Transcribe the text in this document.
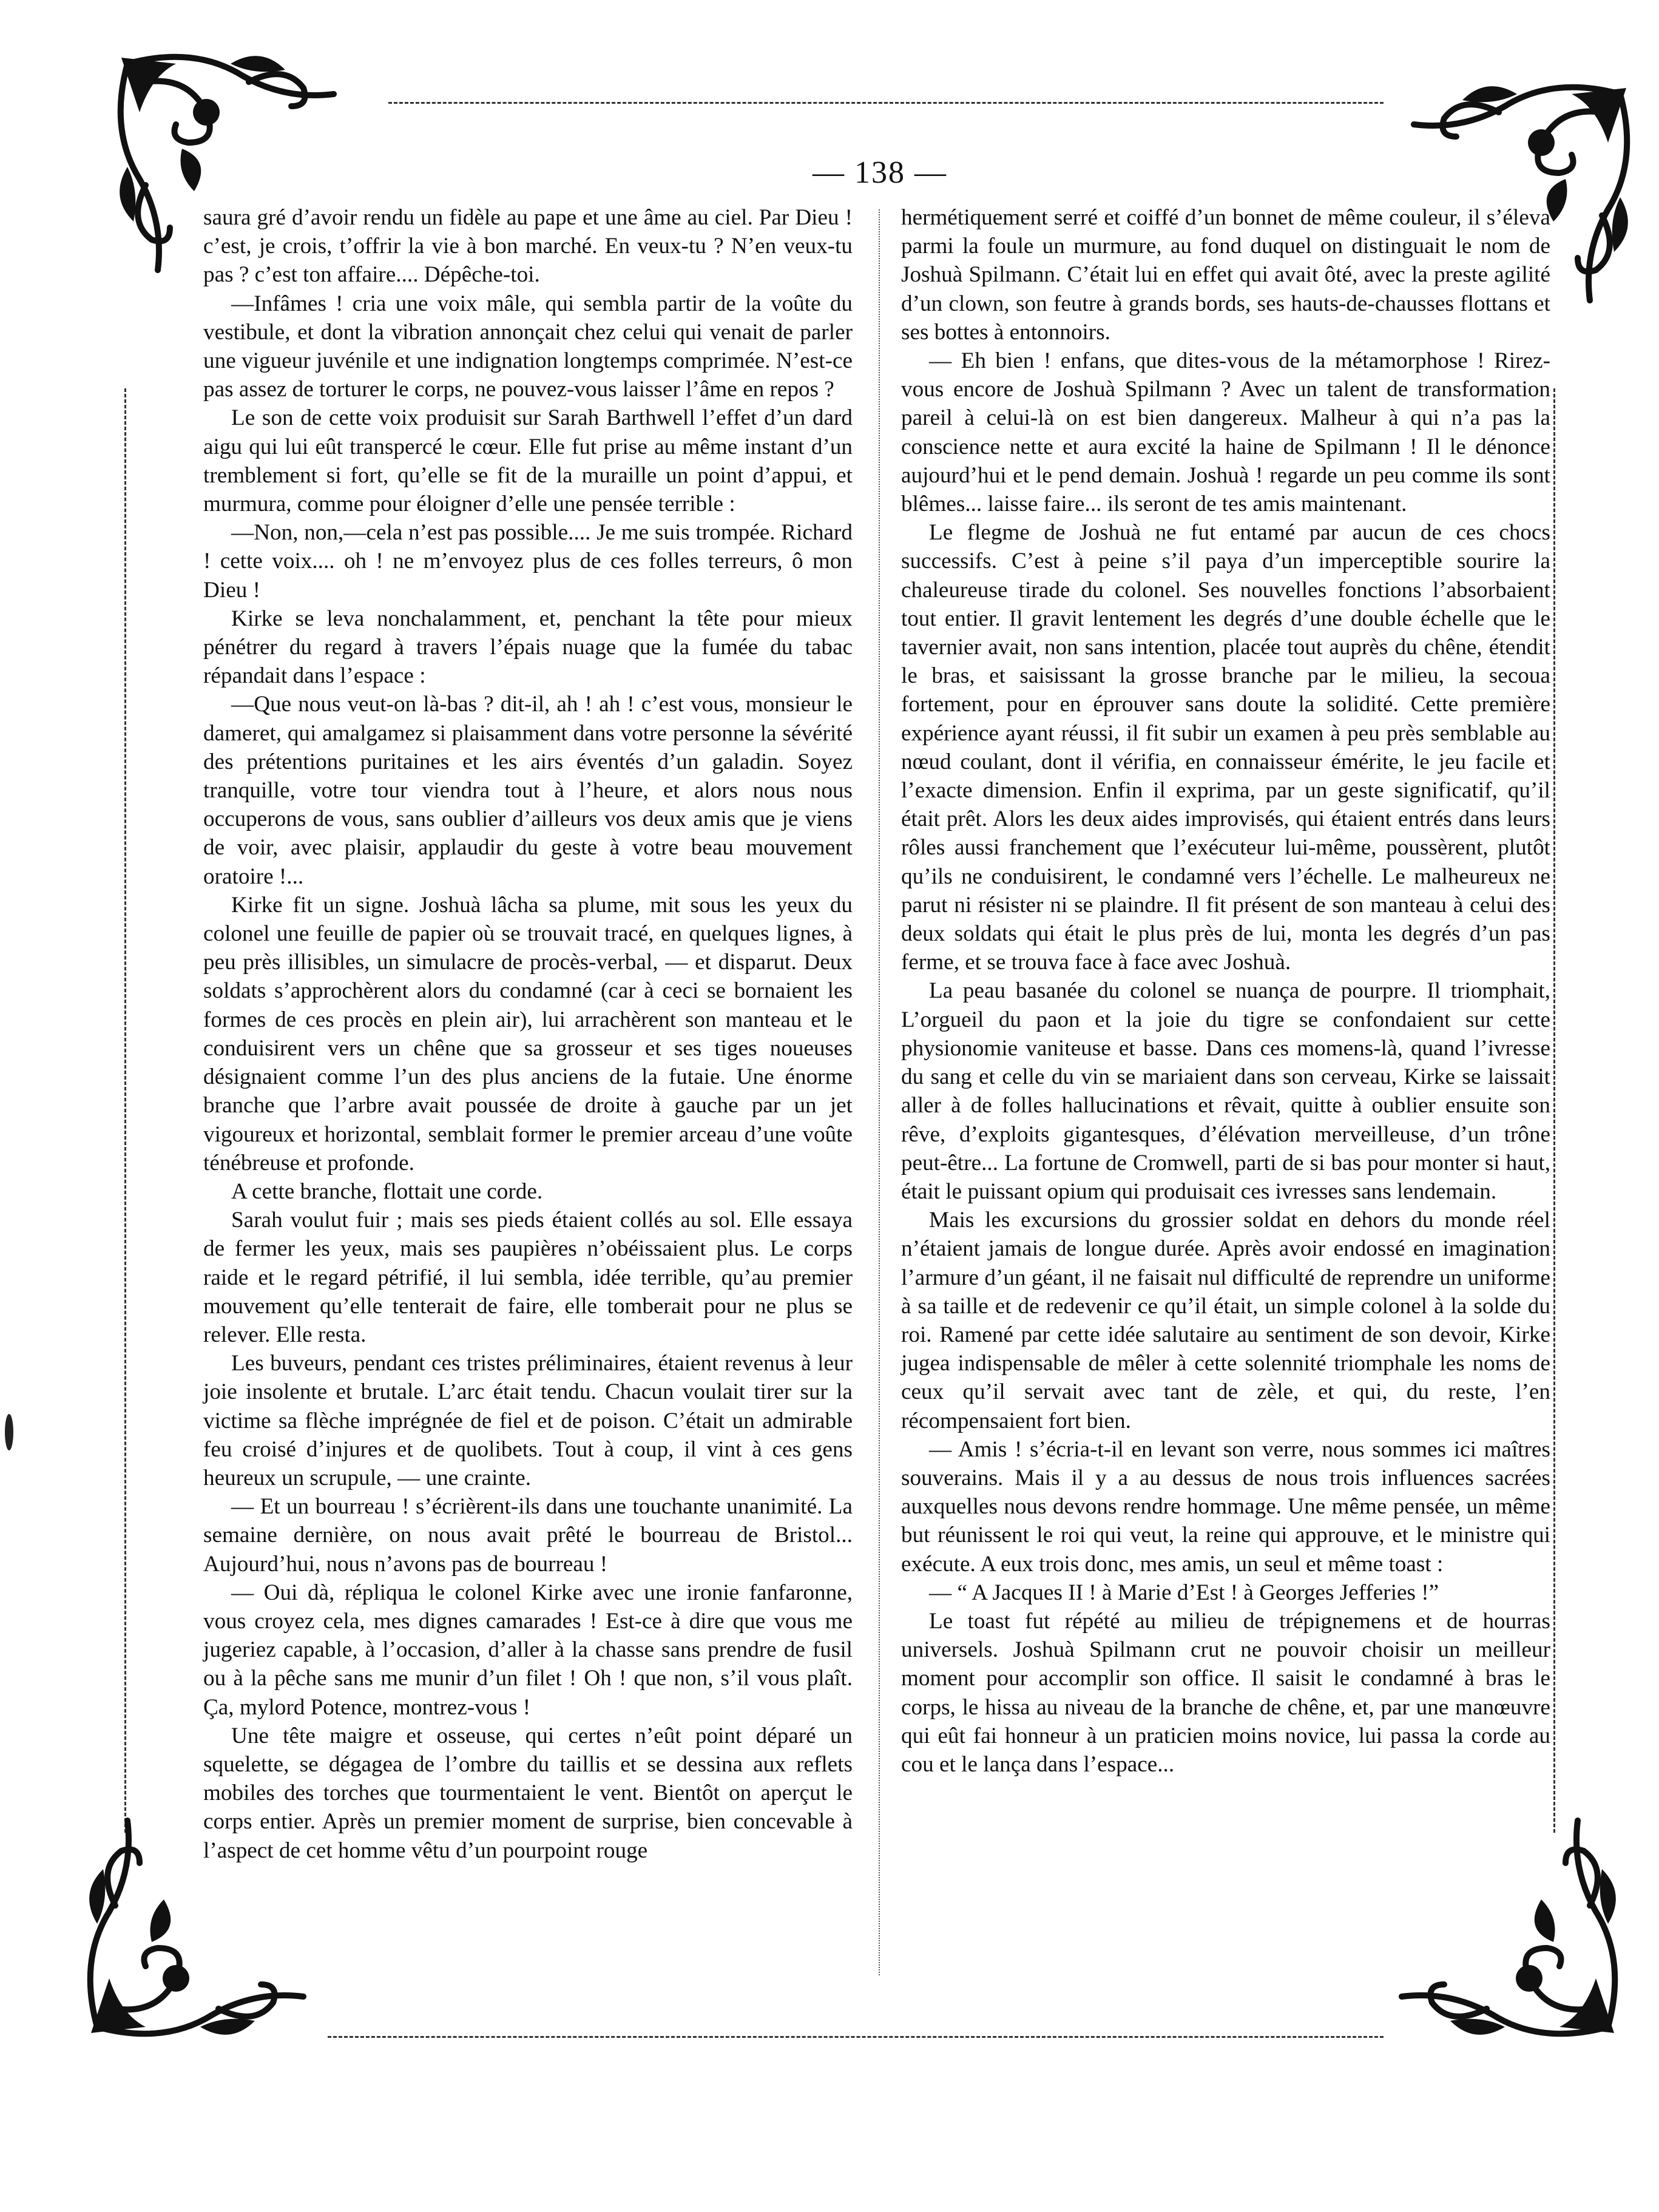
— 138 —

saura gré d’avoir rendu un fidèle au pape et une âme au ciel. Par Dieu ! c’est, je crois, t’offrir la vie à bon marché. En veux-tu ? N’en veux-tu pas ? c’est ton affaire.... Dépêche-toi.

—Infâmes ! cria une voix mâle, qui sembla partir de la voûte du vestibule, et dont la vibration annonçait chez celui qui venait de parler une vigueur juvénile et une indignation longtemps comprimée. N’est-ce pas assez de torturer le corps, ne pouvez-vous laisser l’âme en repos ?

Le son de cette voix produisit sur Sarah Barthwell l’effet d’un dard aigu qui lui eût transpercé le cœur. Elle fut prise au même instant d’un tremblement si fort, qu’elle se fit de la muraille un point d’appui, et murmura, comme pour éloigner d’elle une pensée terrible :

—Non, non,—cela n’est pas possible.... Je me suis trompée. Richard ! cette voix.... oh ! ne m’envoyez plus de ces folles terreurs, ô mon Dieu !

Kirke se leva nonchalamment, et, penchant la tête pour mieux pénétrer du regard à travers l’épais nuage que la fumée du tabac répandait dans l’espace :

—Que nous veut-on là-bas ? dit-il, ah ! ah ! c’est vous, monsieur le dameret, qui amalgamez si plaisamment dans votre personne la sévérité des prétentions puritaines et les airs éventés d’un galadin. Soyez tranquille, votre tour viendra tout à l’heure, et alors nous nous occuperons de vous, sans oublier d’ailleurs vos deux amis que je viens de voir, avec plaisir, applaudir du geste à votre beau mouvement oratoire !...

Kirke fit un signe. Joshuà lâcha sa plume, mit sous les yeux du colonel une feuille de papier où se trouvait tracé, en quelques lignes, à peu près illisibles, un simulacre de procès-verbal, — et disparut. Deux soldats s’approchèrent alors du condamné (car à ceci se bornaient les formes de ces procès en plein air), lui arrachèrent son manteau et le conduisirent vers un chêne que sa grosseur et ses tiges noueuses désignaient comme l’un des plus anciens de la futaie. Une énorme branche que l’arbre avait poussée de droite à gauche par un jet vigoureux et horizontal, semblait former le premier arceau d’une voûte ténébreuse et profonde.

A cette branche, flottait une corde.

Sarah voulut fuir ; mais ses pieds étaient collés au sol. Elle essaya de fermer les yeux, mais ses paupières n’obéissaient plus. Le corps raide et le regard pétrifié, il lui sembla, idée terrible, qu’au premier mouvement qu’elle tenterait de faire, elle tomberait pour ne plus se relever. Elle resta.

Les buveurs, pendant ces tristes préliminaires, étaient revenus à leur joie insolente et brutale. L’arc était tendu. Chacun voulait tirer sur la victime sa flèche imprégnée de fiel et de poison. C’était un admirable feu croisé d’injures et de quolibets. Tout à coup, il vint à ces gens heureux un scrupule, — une crainte.

— Et un bourreau ! s’écrièrent-ils dans une touchante unanimité. La semaine dernière, on nous avait prêté le bourreau de Bristol... Aujourd’hui, nous n’avons pas de bourreau !

— Oui dà, répliqua le colonel Kirke avec une ironie fanfaronne, vous croyez cela, mes dignes camarades ! Est-ce à dire que vous me jugeriez capable, à l’occasion, d’aller à la chasse sans prendre de fusil ou à la pêche sans me munir d’un filet ! Oh ! que non, s’il vous plaît. Ça, mylord Potence, montrez-vous !

Une tête maigre et osseuse, qui certes n’eût point déparé un squelette, se dégagea de l’ombre du taillis et se dessina aux reflets mobiles des torches que tourmentaient le vent. Bientôt on aperçut le corps entier. Après un premier moment de surprise, bien concevable à l’aspect de cet homme vêtu d’un pourpoint rouge

hermétiquement serré et coiffé d’un bonnet de même couleur, il s’éleva parmi la foule un murmure, au fond duquel on distinguait le nom de Joshuà Spilmann. C’était lui en effet qui avait ôté, avec la preste agilité d’un clown, son feutre à grands bords, ses hauts-de-chausses flottans et ses bottes à entonnoirs.

— Eh bien ! enfans, que dites-vous de la métamorphose ! Rirez-vous encore de Joshuà Spilmann ? Avec un talent de transformation pareil à celui-là on est bien dangereux. Malheur à qui n’a pas la conscience nette et aura excité la haine de Spilmann ! Il le dénonce aujourd’hui et le pend demain. Joshuà ! regarde un peu comme ils sont blêmes... laisse faire... ils seront de tes amis maintenant.

Le flegme de Joshuà ne fut entamé par aucun de ces chocs successifs. C’est à peine s’il paya d’un imperceptible sourire la chaleureuse tirade du colonel. Ses nouvelles fonctions l’absorbaient tout entier. Il gravit lentement les degrés d’une double échelle que le tavernier avait, non sans intention, placée tout auprès du chêne, étendit le bras, et saisissant la grosse branche par le milieu, la secoua fortement, pour en éprouver sans doute la solidité. Cette première expérience ayant réussi, il fit subir un examen à peu près semblable au nœud coulant, dont il vérifia, en connaisseur émérite, le jeu facile et l’exacte dimension. Enfin il exprima, par un geste significatif, qu’il était prêt. Alors les deux aides improvisés, qui étaient entrés dans leurs rôles aussi franchement que l’exécuteur lui-même, poussèrent, plutôt qu’ils ne conduisirent, le condamné vers l’échelle. Le malheureux ne parut ni résister ni se plaindre. Il fit présent de son manteau à celui des deux soldats qui était le plus près de lui, monta les degrés d’un pas ferme, et se trouva face à face avec Joshuà.

La peau basanée du colonel se nuança de pourpre. Il triomphait, L’orgueil du paon et la joie du tigre se confondaient sur cette physionomie vaniteuse et basse. Dans ces momens-là, quand l’ivresse du sang et celle du vin se mariaient dans son cerveau, Kirke se laissait aller à de folles hallucinations et rêvait, quitte à oublier ensuite son rêve, d’exploits gigantesques, d’élévation merveilleuse, d’un trône peut-être... La fortune de Cromwell, parti de si bas pour monter si haut, était le puissant opium qui produisait ces ivresses sans lendemain.

Mais les excursions du grossier soldat en dehors du monde réel n’étaient jamais de longue durée. Après avoir endossé en imagination l’armure d’un géant, il ne faisait nul difficulté de reprendre un uniforme à sa taille et de redevenir ce qu’il était, un simple colonel à la solde du roi. Ramené par cette idée salutaire au sentiment de son devoir, Kirke jugea indispensable de mêler à cette solennité triomphale les noms de ceux qu’il servait avec tant de zèle, et qui, du reste, l’en récompensaient fort bien.

— Amis ! s’écria-t-il en levant son verre, nous sommes ici maîtres souverains. Mais il y a au dessus de nous trois influences sacrées auxquelles nous devons rendre hommage. Une même pensée, un même but réunissent le roi qui veut, la reine qui approuve, et le ministre qui exécute. A eux trois donc, mes amis, un seul et même toast :

— “ A Jacques II ! à Marie d’Est ! à Georges Jefferies !”

Le toast fut répété au milieu de trépignemens et de hourras universels. Joshuà Spilmann crut ne pouvoir choisir un meilleur moment pour accomplir son office. Il saisit le condamné à bras le corps, le hissa au niveau de la branche de chêne, et, par une manœuvre qui eût fai honneur à un praticien moins novice, lui passa la corde au cou et le lança dans l’espace...
